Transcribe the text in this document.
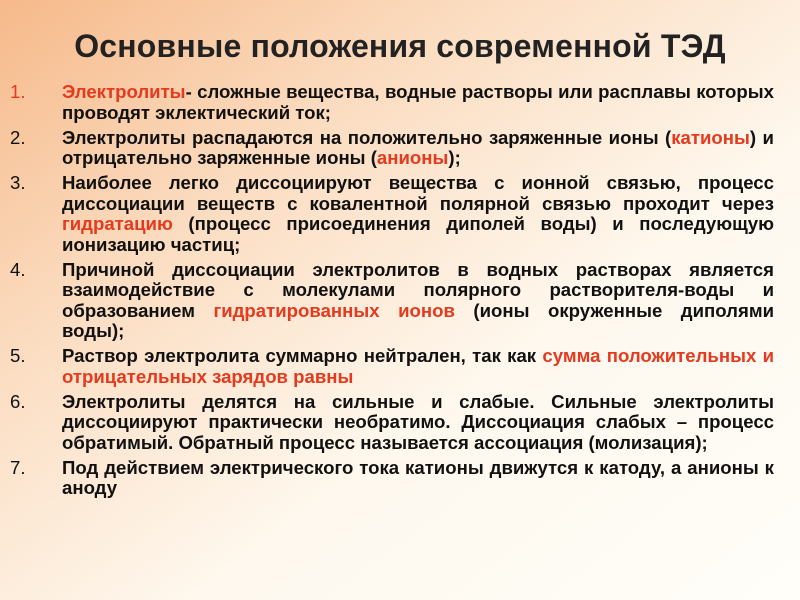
Основные положения современной ТЭД
1. Электролиты- сложные вещества, водные растворы или расплавы которых проводят эклектический ток;
2. Электролиты распадаются на положительно заряженные ионы (катионы) и отрицательно заряженные ионы (анионы);
3. Наиболее легко диссоциируют вещества с ионной связью, процесс диссоциации веществ с ковалентной полярной связью проходит через гидратацию (процесс присоединения диполей воды) и последующую ионизацию частиц;
4. Причиной диссоциации электролитов в водных растворах является взаимодействие с молекулами полярного растворителя-воды и образованием гидратированных ионов (ионы окруженные диполями воды);
5. Раствор электролита суммарно нейтрален, так как сумма положительных и отрицательных зарядов равны
6. Электролиты делятся на сильные и слабые. Сильные электролиты диссоциируют практически необратимо. Диссоциация слабых – процесс обратимый. Обратный процесс называется ассоциация (молизация);
7. Под действием электрического тока катионы движутся к катоду, а анионы к аноду
